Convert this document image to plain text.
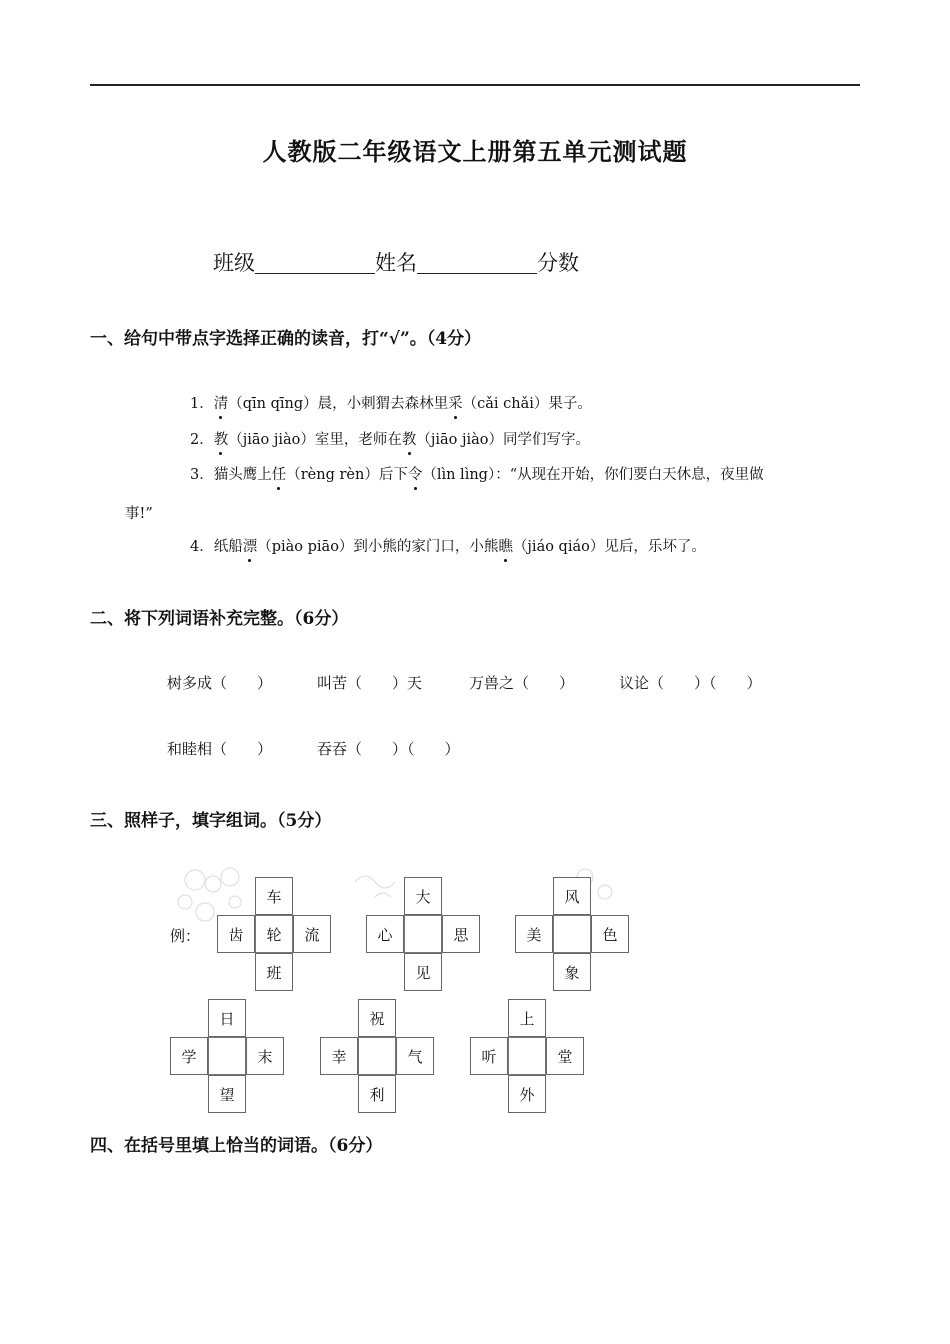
人教版二年级语文上册第五单元测试题
班级	姓名	分数
一、给句中带点字选择正确的读音，打“√”。（4分）
1．清（qīn qīng）晨，小刺猬去森林里采（cǎi chǎi）果子。
2．教（jiāo jiào）室里，老师在教（jiāo jiào）同学们写字。
3．猫头鹰上任（rèng rèn）后下令（lìn lìng）：“从现在开始，你们要白天休息，夜里做
事!”
4．纸船漂（piào piāo）到小熊的家门口，小熊瞧（jiáo qiáo）见后，乐坏了。
二、将下列词语补充完整。（6分）
树多成（　　）	叫苦（　　）天	万兽之（　　）	议论（　　）（　　）
和睦相（　　）	吞吞（　　）（　　）
三、照样子，填字组词。（5分）
例：
车
齿	轮	流
班
大
心	思
见
风
美	色
象
日
学	末
望
祝
幸	气
利
上
听	堂
外
四、在括号里填上恰当的词语。（6分）
